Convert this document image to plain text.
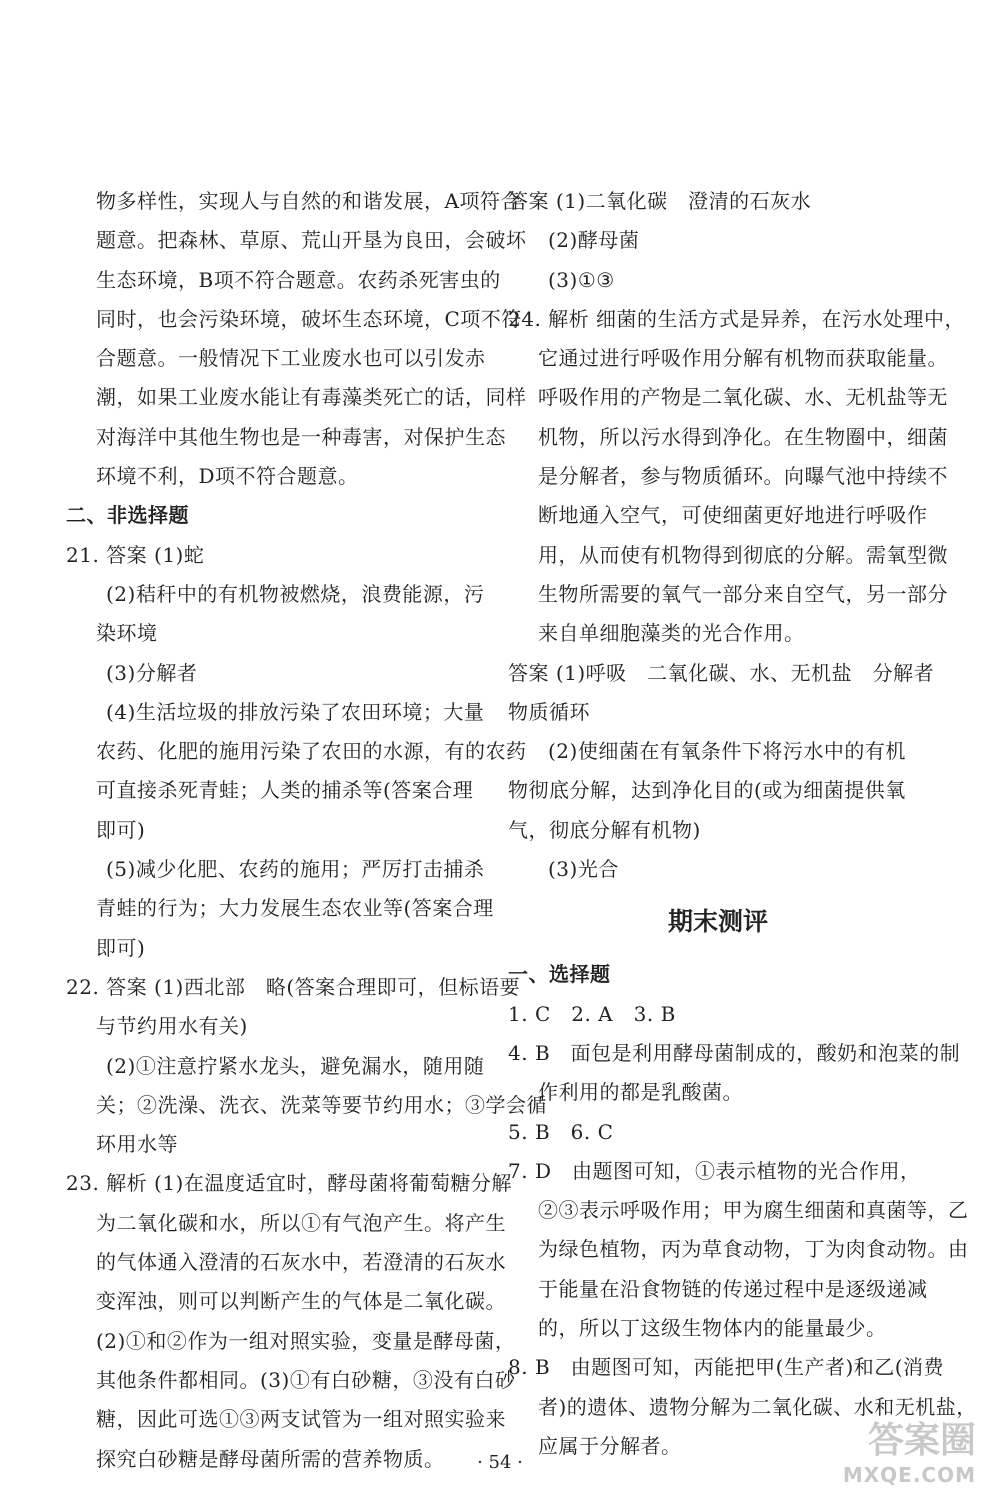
物多样性，实现人与自然的和谐发展，A项符合
题意。把森林、草原、荒山开垦为良田，会破坏
生态环境，B项不符合题意。农药杀死害虫的
同时，也会污染环境，破坏生态环境，C项不符
合题意。一般情况下工业废水也可以引发赤
潮，如果工业废水能让有毒藻类死亡的话，同样
对海洋中其他生物也是一种毒害，对保护生态
环境不利，D项不符合题意。
二、非选择题
21. 答案 (1)蛇
(2)秸秆中的有机物被燃烧，浪费能源，污
染环境
(3)分解者
(4)生活垃圾的排放污染了农田环境；大量
农药、化肥的施用污染了农田的水源，有的农药
可直接杀死青蛙；人类的捕杀等(答案合理
即可)
(5)减少化肥、农药的施用；严厉打击捕杀
青蛙的行为；大力发展生态农业等(答案合理
即可)
22. 答案 (1)西北部　略(答案合理即可，但标语要
与节约用水有关)
(2)①注意拧紧水龙头，避免漏水，随用随
关；②洗澡、洗衣、洗菜等要节约用水；③学会循
环用水等
23. 解析 (1)在温度适宜时，酵母菌将葡萄糖分解
为二氧化碳和水，所以①有气泡产生。将产生
的气体通入澄清的石灰水中，若澄清的石灰水
变浑浊，则可以判断产生的气体是二氧化碳。
(2)①和②作为一组对照实验，变量是酵母菌，
其他条件都相同。(3)①有白砂糖，③没有白砂
糖，因此可选①③两支试管为一组对照实验来
探究白砂糖是酵母菌所需的营养物质。
答案 (1)二氧化碳　澄清的石灰水
(2)酵母菌
(3)①③
24. 解析 细菌的生活方式是异养，在污水处理中，
它通过进行呼吸作用分解有机物而获取能量。
呼吸作用的产物是二氧化碳、水、无机盐等无
机物，所以污水得到净化。在生物圈中，细菌
是分解者，参与物质循环。向曝气池中持续不
断地通入空气，可使细菌更好地进行呼吸作
用，从而使有机物得到彻底的分解。需氧型微
生物所需要的氧气一部分来自空气，另一部分
来自单细胞藻类的光合作用。
答案 (1)呼吸　二氧化碳、水、无机盐　分解者
物质循环
(2)使细菌在有氧条件下将污水中的有机
物彻底分解，达到净化目的(或为细菌提供氧
气，彻底分解有机物)
(3)光合
期末测评
一、选择题
1. C　2. A　3. B
4. B　面包是利用酵母菌制成的，酸奶和泡菜的制
作利用的都是乳酸菌。
5. B　6. C
7. D　由题图可知，①表示植物的光合作用，
②③表示呼吸作用；甲为腐生细菌和真菌等，乙
为绿色植物，丙为草食动物，丁为肉食动物。由
于能量在沿食物链的传递过程中是逐级递减
的，所以丁这级生物体内的能量最少。
8. B　由题图可知，丙能把甲(生产者)和乙(消费
者)的遗体、遗物分解为二氧化碳、水和无机盐，
应属于分解者。
· 54 ·
答案圈
MXQE.COM
